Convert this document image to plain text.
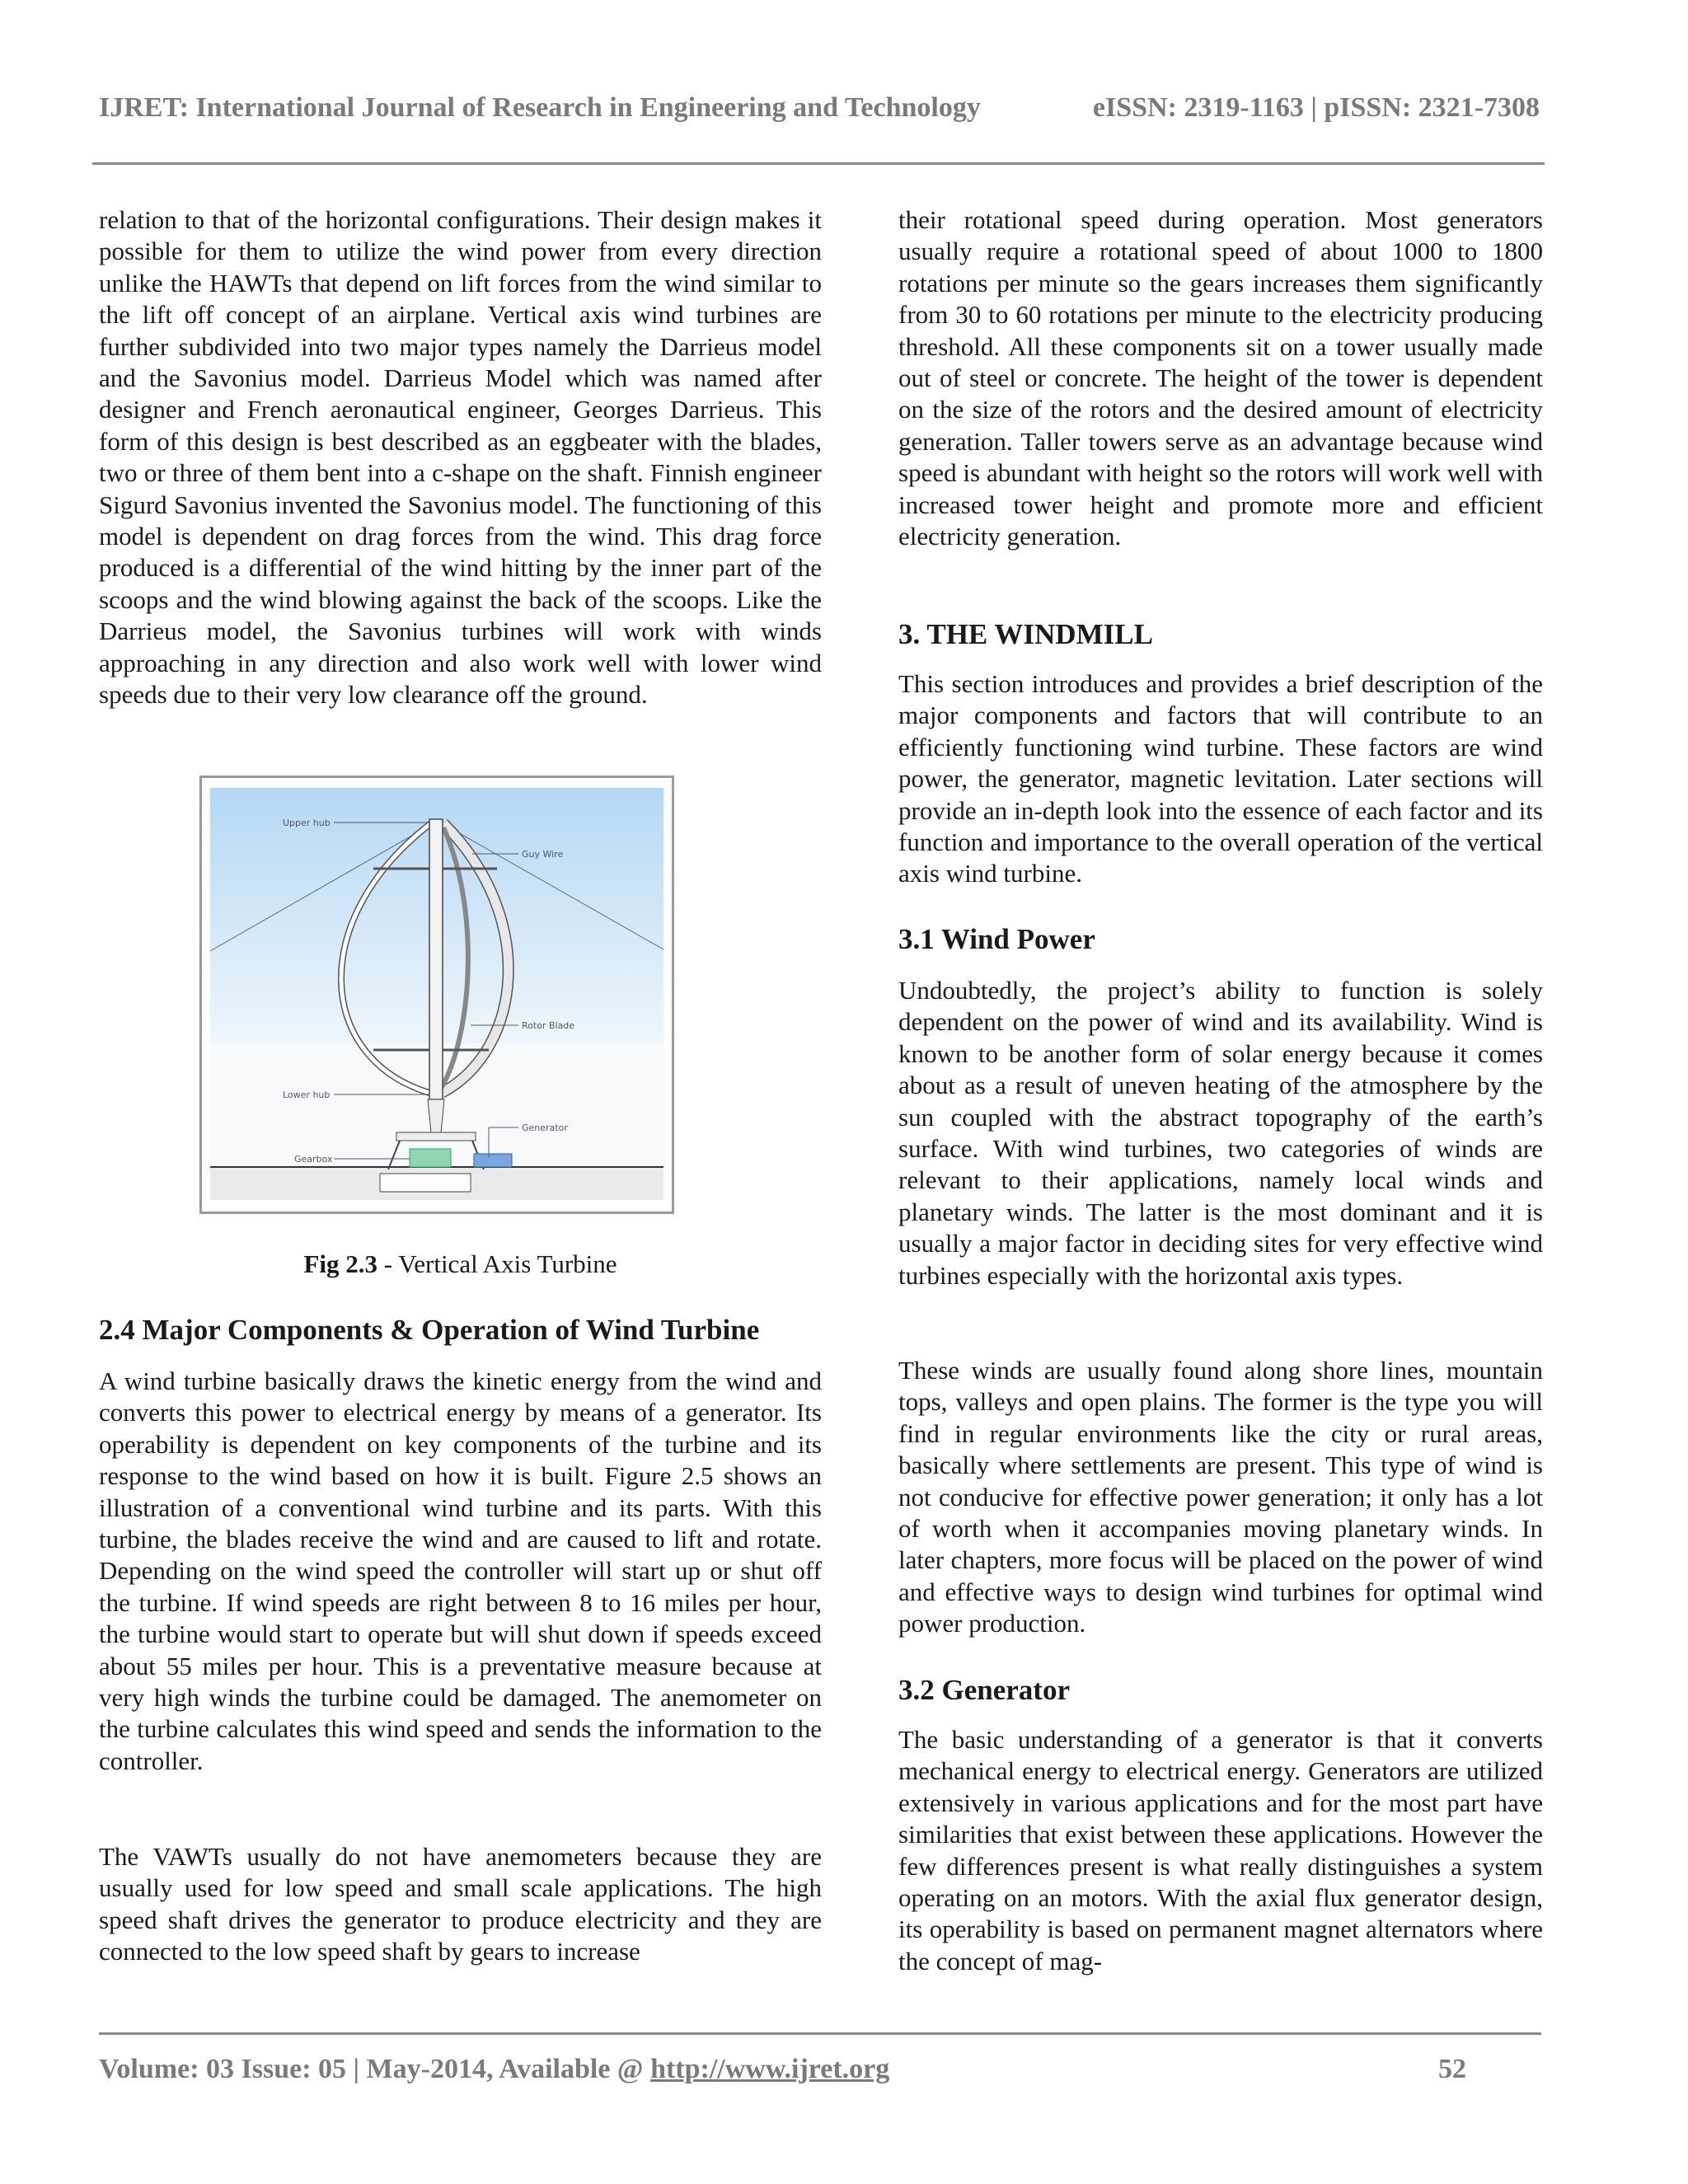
IJRET: International Journal of Research in Engineering and Technology	eISSN: 2319-1163 | pISSN: 2321-7308

relation to that of the horizontal configurations. Their design makes it possible for them to utilize the wind power from every direction unlike the HAWTs that depend on lift forces from the wind similar to the lift off concept of an airplane. Vertical axis wind turbines are further subdivided into two major types namely the Darrieus model and the Savonius model. Darrieus Model which was named after designer and French aeronautical engineer, Georges Darrieus. This form of this design is best described as an eggbeater with the blades, two or three of them bent into a c-shape on the shaft. Finnish engineer Sigurd Savonius invented the Savonius model. The functioning of this model is dependent on drag forces from the wind. This drag force produced is a differential of the wind hitting by the inner part of the scoops and the wind blowing against the back of the scoops. Like the Darrieus model, the Savonius turbines will work with winds approaching in any direction and also work well with lower wind speeds due to their very low clearance off the ground.

Upper hub
Guy Wire
Rotor Blade
Lower hub
Generator
Gearbox
Fig 2.3 - Vertical Axis Turbine
2.4 Major Components & Operation of Wind Turbine

A wind turbine basically draws the kinetic energy from the wind and converts this power to electrical energy by means of a generator. Its operability is dependent on key components of the turbine and its response to the wind based on how it is built. Figure 2.5 shows an illustration of a conventional wind turbine and its parts. With this turbine, the blades receive the wind and are caused to lift and rotate. Depending on the wind speed the controller will start up or shut off the turbine. If wind speeds are right between 8 to 16 miles per hour, the turbine would start to operate but will shut down if speeds exceed about 55 miles per hour. This is a preventative measure because at very high winds the turbine could be damaged. The anemometer on the turbine calculates this wind speed and sends the information to the controller.

The VAWTs usually do not have anemometers because they are usually used for low speed and small scale applications. The high speed shaft drives the generator to produce electricity and they are connected to the low speed shaft by gears to increase

their rotational speed during operation. Most generators usually require a rotational speed of about 1000 to 1800 rotations per minute so the gears increases them significantly from 30 to 60 rotations per minute to the electricity producing threshold. All these components sit on a tower usually made out of steel or concrete. The height of the tower is dependent on the size of the rotors and the desired amount of electricity generation. Taller towers serve as an advantage because wind speed is abundant with height so the rotors will work well with increased tower height and promote more and efficient electricity generation.

3. THE WINDMILL

This section introduces and provides a brief description of the major components and factors that will contribute to an efficiently functioning wind turbine. These factors are wind power, the generator, magnetic levitation. Later sections will provide an in-depth look into the essence of each factor and its function and importance to the overall operation of the vertical axis wind turbine.

3.1 Wind Power

Undoubtedly, the project’s ability to function is solely dependent on the power of wind and its availability. Wind is known to be another form of solar energy because it comes about as a result of uneven heating of the atmosphere by the sun coupled with the abstract topography of the earth’s surface. With wind turbines, two categories of winds are relevant to their applications, namely local winds and planetary winds. The latter is the most dominant and it is usually a major factor in deciding sites for very effective wind turbines especially with the horizontal axis types.

These winds are usually found along shore lines, mountain tops, valleys and open plains. The former is the type you will find in regular environments like the city or rural areas, basically where settlements are present. This type of wind is not conducive for effective power generation; it only has a lot of worth when it accompanies moving planetary winds. In later chapters, more focus will be placed on the power of wind and effective ways to design wind turbines for optimal wind power production.

3.2 Generator

The basic understanding of a generator is that it converts mechanical energy to electrical energy. Generators are utilized extensively in various applications and for the most part have similarities that exist between these applications. However the few differences present is what really distinguishes a system operating on an motors. With the axial flux generator design, its operability is based on permanent magnet alternators where the concept of mag-

Volume: 03 Issue: 05 | May-2014, Available @ http://www.ijret.org	52
